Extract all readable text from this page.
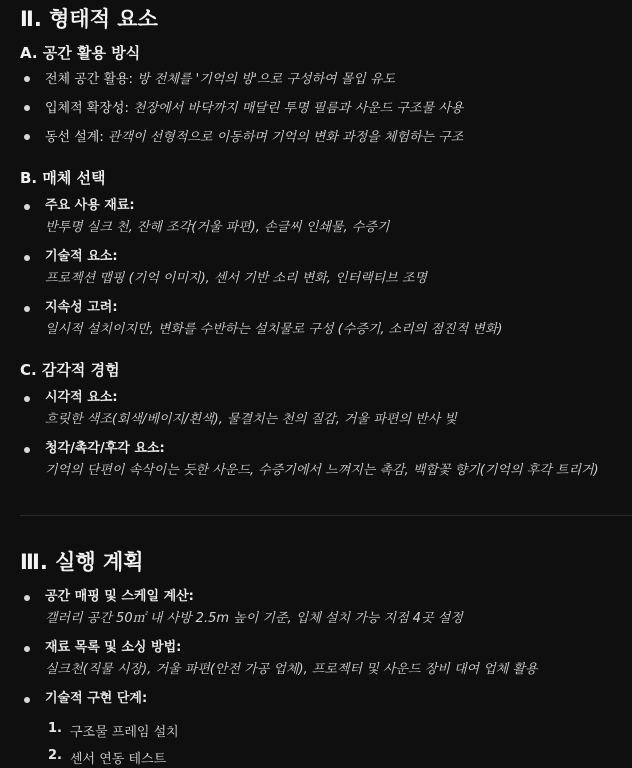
Ⅱ. 형태적 요소
A. 공간 활용 방식
전체 공간 활용: 방 전체를 '기억의 방'으로 구성하여 몰입 유도
입체적 확장성: 천장에서 바닥까지 매달린 투명 필름과 사운드 구조물 사용
동선 설계: 관객이 선형적으로 이동하며 기억의 변화 과정을 체험하는 구조
B. 매체 선택
주요 사용 재료:
반투명 실크 천, 잔해 조각(거울 파편), 손글씨 인쇄물, 수증기
기술적 요소:
프로젝션 맵핑 (기억 이미지), 센서 기반 소리 변화, 인터랙티브 조명
지속성 고려:
일시적 설치이지만, 변화를 수반하는 설치물로 구성 (수증기, 소리의 점진적 변화)
C. 감각적 경험
시각적 요소:
흐릿한 색조(회색/베이지/흰색), 물결치는 천의 질감, 거울 파편의 반사 빛
청각/촉각/후각 요소:
기억의 단편이 속삭이는 듯한 사운드, 수증기에서 느껴지는 촉감, 백합꽃 향기(기억의 후각 트리거)
Ⅲ. 실행 계획
공간 매핑 및 스케일 계산:
갤러리 공간 50㎡ 내 사방 2.5m 높이 기준, 입체 설치 가능 지점 4곳 설정
재료 목록 및 소싱 방법:
실크천(직물 시장), 거울 파편(안전 가공 업체), 프로젝터 및 사운드 장비 대여 업체 활용
기술적 구현 단계:
1. 구조물 프레임 설치
2. 센서 연동 테스트
